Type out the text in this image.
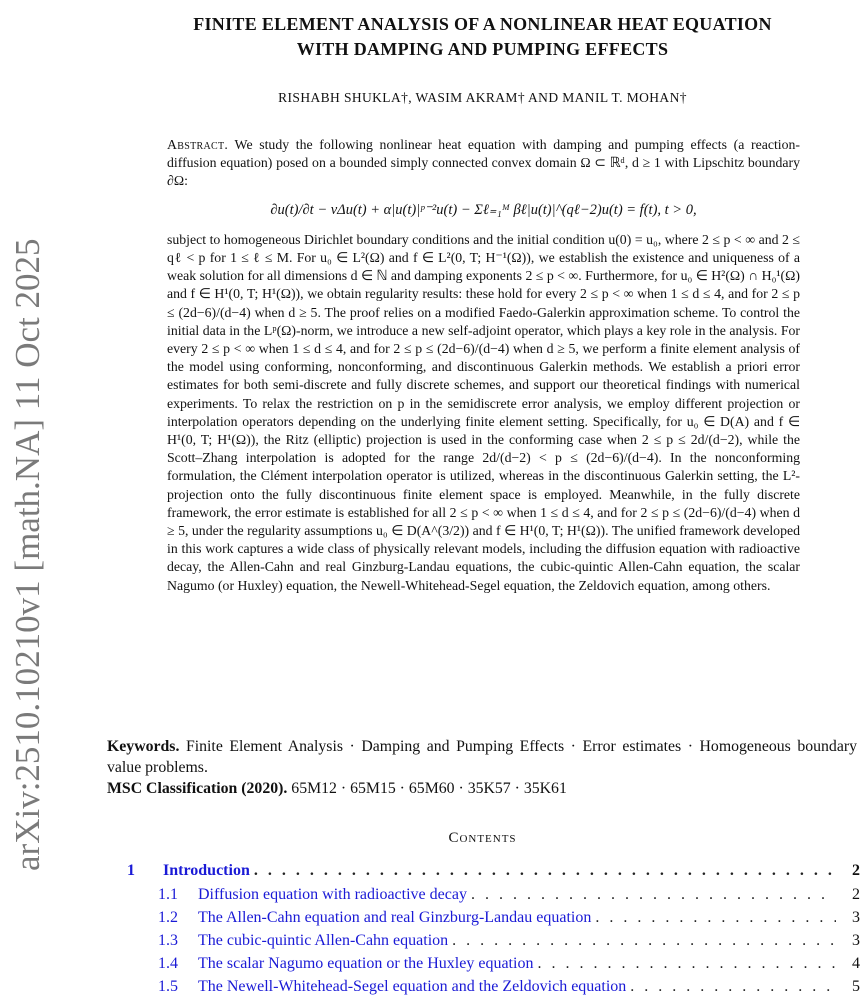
arXiv:2510.10210v1 [math.NA] 11 Oct 2025
FINITE ELEMENT ANALYSIS OF A NONLINEAR HEAT EQUATION
WITH DAMPING AND PUMPING EFFECTS
RISHABH SHUKLA†, WASIM AKRAM† AND MANIL T. MOHAN†

Abstract. We study the following nonlinear heat equation with damping and pumping effects (a reaction-diffusion equation) posed on a bounded simply connected convex domain Ω ⊂ ℝᵈ, d ≥ 1 with Lipschitz boundary ∂Ω:

∂u(t)/∂t − νΔu(t) + α|u(t)|ᵖ⁻²u(t) − Σℓ₌₁ᴹ βℓ|u(t)|^(qℓ−2)u(t) = f(t), t > 0,

subject to homogeneous Dirichlet boundary conditions and the initial condition u(0) = u₀, where 2 ≤ p < ∞ and 2 ≤ qℓ < p for 1 ≤ ℓ ≤ M. For u₀ ∈ L²(Ω) and f ∈ L²(0, T; H⁻¹(Ω)), we establish the existence and uniqueness of a weak solution for all dimensions d ∈ ℕ and damping exponents 2 ≤ p < ∞. Furthermore, for u₀ ∈ H²(Ω) ∩ H₀¹(Ω) and f ∈ H¹(0, T; H¹(Ω)), we obtain regularity results: these hold for every 2 ≤ p < ∞ when 1 ≤ d ≤ 4, and for 2 ≤ p ≤ (2d−6)/(d−4) when d ≥ 5. The proof relies on a modified Faedo-Galerkin approximation scheme. To control the initial data in the Lᵖ(Ω)-norm, we introduce a new self-adjoint operator, which plays a key role in the analysis. For every 2 ≤ p < ∞ when 1 ≤ d ≤ 4, and for 2 ≤ p ≤ (2d−6)/(d−4) when d ≥ 5, we perform a finite element analysis of the model using conforming, nonconforming, and discontinuous Galerkin methods. We establish a priori error estimates for both semi-discrete and fully discrete schemes, and support our theoretical findings with numerical experiments. To relax the restriction on p in the semidiscrete error analysis, we employ different projection or interpolation operators depending on the underlying finite element setting. Specifically, for u₀ ∈ D(A) and f ∈ H¹(0, T; H¹(Ω)), the Ritz (elliptic) projection is used in the conforming case when 2 ≤ p ≤ 2d/(d−2), while the Scott–Zhang interpolation is adopted for the range 2d/(d−2) < p ≤ (2d−6)/(d−4). In the nonconforming formulation, the Clément interpolation operator is utilized, whereas in the discontinuous Galerkin setting, the L²-projection onto the fully discontinuous finite element space is employed. Meanwhile, in the fully discrete framework, the error estimate is established for all 2 ≤ p < ∞ when 1 ≤ d ≤ 4, and for 2 ≤ p ≤ (2d−6)/(d−4) when d ≥ 5, under the regularity assumptions u₀ ∈ D(A^(3/2)) and f ∈ H¹(0, T; H¹(Ω)). The unified framework developed in this work captures a wide class of physically relevant models, including the diffusion equation with radioactive decay, the Allen-Cahn and real Ginzburg-Landau equations, the cubic-quintic Allen-Cahn equation, the scalar Nagumo (or Huxley) equation, the Newell-Whitehead-Segel equation, the Zeldovich equation, among others.

Keywords. Finite Element Analysis · Damping and Pumping Effects · Error estimates · Homogeneous boundary value problems.

MSC Classification (2020). 65M12 · 65M15 · 65M60 · 35K57 · 35K61

Contents
1	Introduction . . .	2
1.1	Diffusion equation with radioactive decay . . .	2
1.2	The Allen-Cahn equation and real Ginzburg-Landau equation . . .	3
1.3	The cubic-quintic Allen-Cahn equation . . .	3
1.4	The scalar Nagumo equation or the Huxley equation . . .	4
1.5	The Newell-Whitehead-Segel equation and the Zeldovich equation . . .	5
